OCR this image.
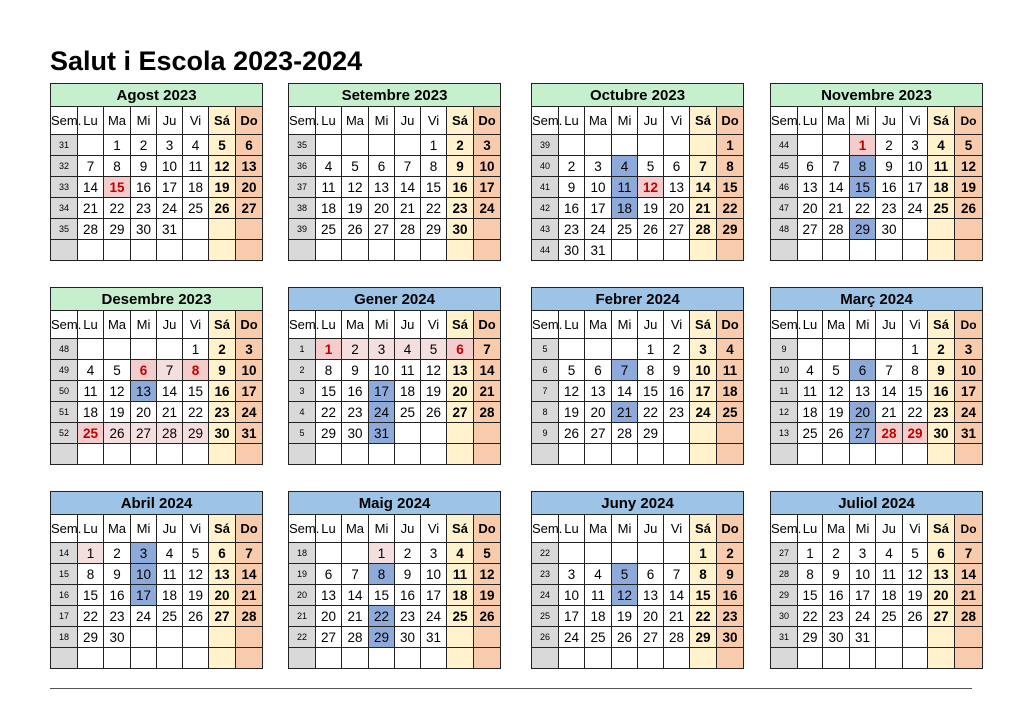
Salut i Escola 2023-2024
Agost 2023							
Sem.	Lu	Ma	Mi	Ju	Vi	Sá	Do
31		1	2	3	4	5	6
32	7	8	9	10	11	12	13
33	14	15	16	17	18	19	20
34	21	22	23	24	25	26	27
35	28	29	30	31			

Setembre 2023							
Sem.	Lu	Ma	Mi	Ju	Vi	Sá	Do
35					1	2	3
36	4	5	6	7	8	9	10
37	11	12	13	14	15	16	17
38	18	19	20	21	22	23	24
39	25	26	27	28	29	30	

Octubre 2023							
Sem.	Lu	Ma	Mi	Ju	Vi	Sá	Do
39							1
40	2	3	4	5	6	7	8
41	9	10	11	12	13	14	15
42	16	17	18	19	20	21	22
43	23	24	25	26	27	28	29
44	30	31					
Novembre 2023							
Sem.	Lu	Ma	Mi	Ju	Vi	Sá	Do
44			1	2	3	4	5
45	6	7	8	9	10	11	12
46	13	14	15	16	17	18	19
47	20	21	22	23	24	25	26
48	27	28	29	30			

Desembre 2023							
Sem.	Lu	Ma	Mi	Ju	Vi	Sá	Do
48					1	2	3
49	4	5	6	7	8	9	10
50	11	12	13	14	15	16	17
51	18	19	20	21	22	23	24
52	25	26	27	28	29	30	31

Gener 2024							
Sem.	Lu	Ma	Mi	Ju	Vi	Sá	Do
1	1	2	3	4	5	6	7
2	8	9	10	11	12	13	14
3	15	16	17	18	19	20	21
4	22	23	24	25	26	27	28
5	29	30	31				

Febrer 2024							
Sem.	Lu	Ma	Mi	Ju	Vi	Sá	Do
5				1	2	3	4
6	5	6	7	8	9	10	11
7	12	13	14	15	16	17	18
8	19	20	21	22	23	24	25
9	26	27	28	29			

Març 2024							
Sem.	Lu	Ma	Mi	Ju	Vi	Sá	Do
9					1	2	3
10	4	5	6	7	8	9	10
11	11	12	13	14	15	16	17
12	18	19	20	21	22	23	24
13	25	26	27	28	29	30	31

Abril 2024							
Sem.	Lu	Ma	Mi	Ju	Vi	Sá	Do
14	1	2	3	4	5	6	7
15	8	9	10	11	12	13	14
16	15	16	17	18	19	20	21
17	22	23	24	25	26	27	28
18	29	30					

Maig 2024							
Sem.	Lu	Ma	Mi	Ju	Vi	Sá	Do
18			1	2	3	4	5
19	6	7	8	9	10	11	12
20	13	14	15	16	17	18	19
21	20	21	22	23	24	25	26
22	27	28	29	30	31		

Juny 2024							
Sem.	Lu	Ma	Mi	Ju	Vi	Sá	Do
22						1	2
23	3	4	5	6	7	8	9
24	10	11	12	13	14	15	16
25	17	18	19	20	21	22	23
26	24	25	26	27	28	29	30

Juliol 2024							
Sem.	Lu	Ma	Mi	Ju	Vi	Sá	Do
27	1	2	3	4	5	6	7
28	8	9	10	11	12	13	14
29	15	16	17	18	19	20	21
30	22	23	24	25	26	27	28
31	29	30	31				
